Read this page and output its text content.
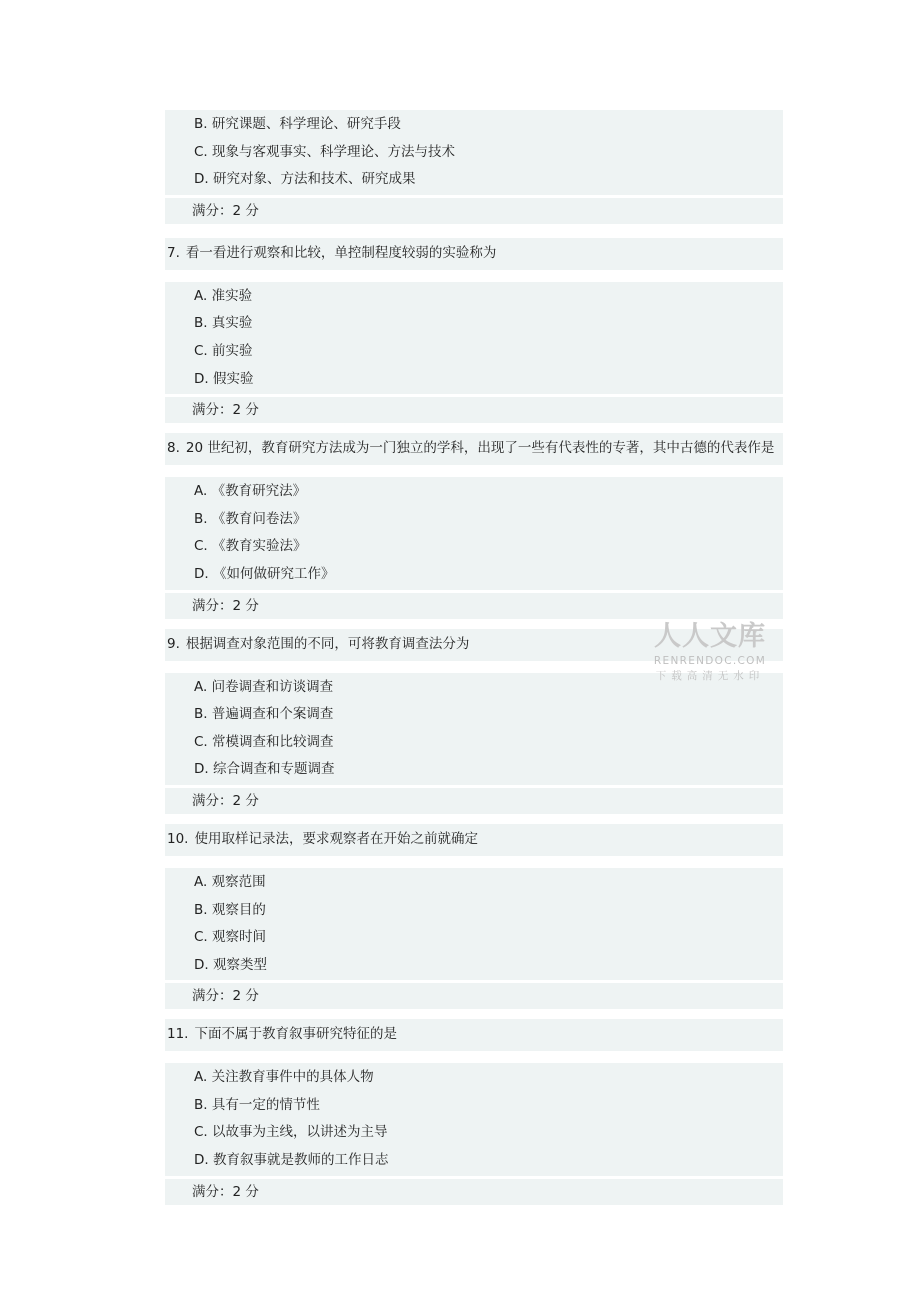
B. 研究课题、科学理论、研究手段
C. 现象与客观事实、科学理论、方法与技术
D. 研究对象、方法和技术、研究成果
满分：2 分
7. 看一看进行观察和比较，单控制程度较弱的实验称为
A. 准实验
B. 真实验
C. 前实验
D. 假实验
满分：2 分
8. 20 世纪初，教育研究方法成为一门独立的学科，出现了一些有代表性的专著，其中古德的代表作是
A. 《教育研究法》
B. 《教育问卷法》
C. 《教育实验法》
D. 《如何做研究工作》
满分：2 分
9. 根据调查对象范围的不同，可将教育调查法分为
A. 问卷调查和访谈调查
B. 普遍调查和个案调查
C. 常模调查和比较调查
D. 综合调查和专题调查
满分：2 分
10. 使用取样记录法，要求观察者在开始之前就确定
A. 观察范围
B. 观察目的
C. 观察时间
D. 观察类型
满分：2 分
11. 下面不属于教育叙事研究特征的是
A. 关注教育事件中的具体人物
B. 具有一定的情节性
C. 以故事为主线，以讲述为主导
D. 教育叙事就是教师的工作日志
满分：2 分
人人文库
RENRENDOC.COM
下载高清无水印
